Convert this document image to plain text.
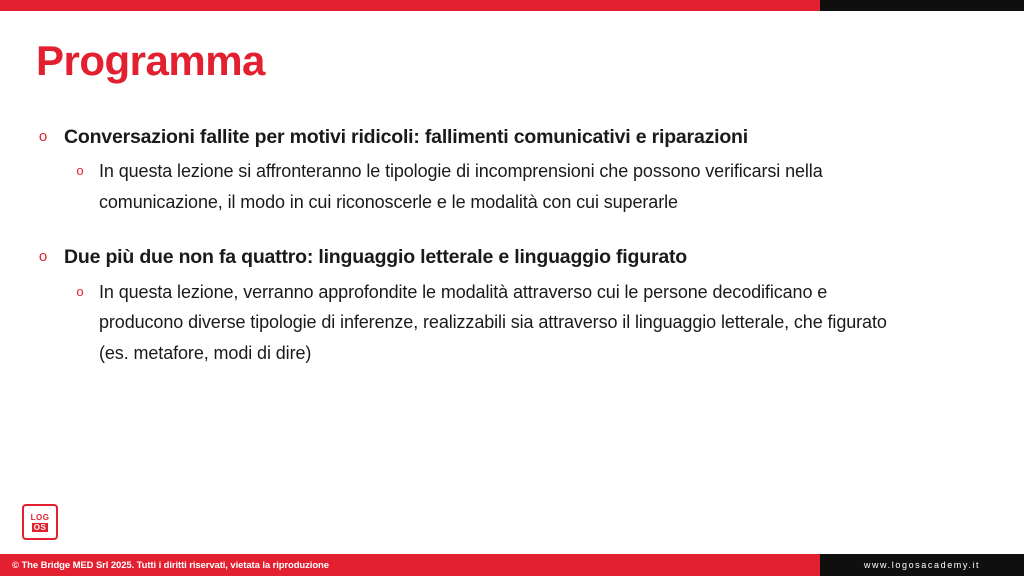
Programma
o Conversazioni fallite per motivi ridicoli: fallimenti comunicativi e riparazioni
o In questa lezione si affronteranno le tipologie di incomprensioni che possono verificarsi nella comunicazione, il modo in cui riconoscerle e le modalità con cui superarle
o Due più due non fa quattro: linguaggio letterale e linguaggio figurato
o In questa lezione, verranno approfondite le modalità attraverso cui le persone decodificano e producono diverse tipologie di inferenze, realizzabili sia attraverso il linguaggio letterale, che figurato (es. metafore, modi di dire)
LOG
OS
© The Bridge MED Srl 2025. Tutti i diritti riservati, vietata la riproduzione	www.logosacademy.it
